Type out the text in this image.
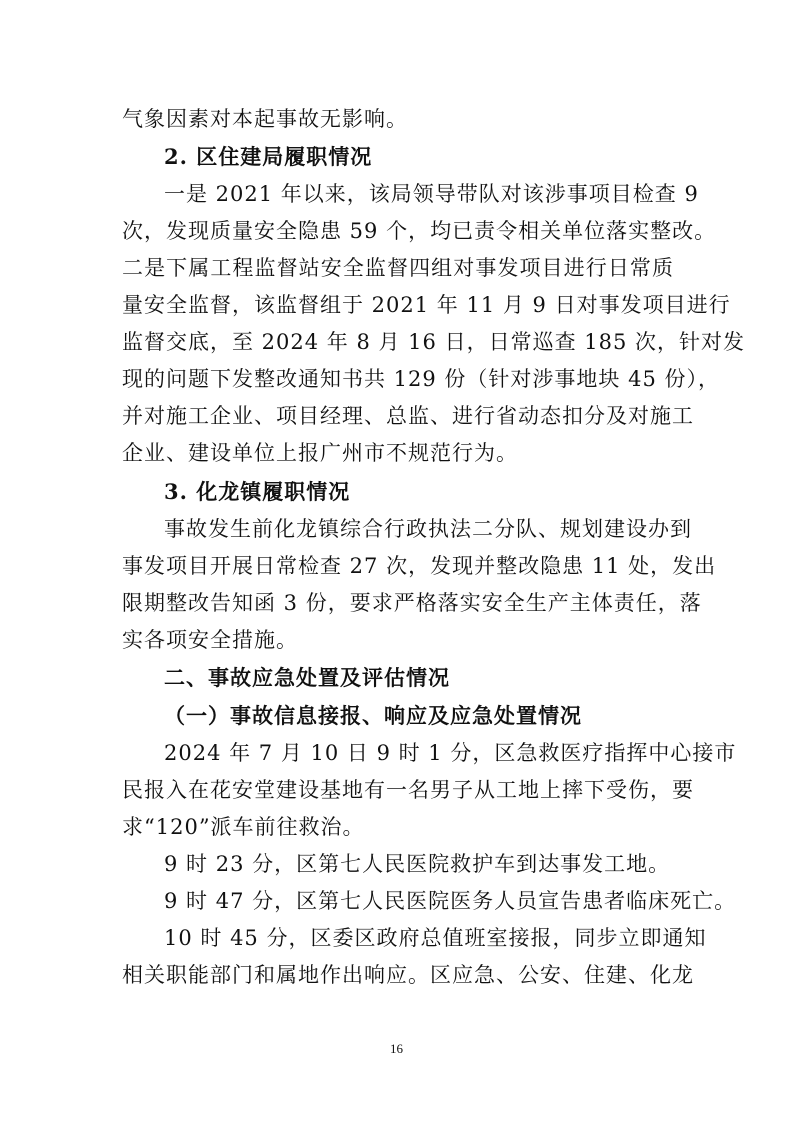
气象因素对本起事故无影响。
2. 区住建局履职情况
一是 2021 年以来，该局领导带队对该涉事项目检查 9
次，发现质量安全隐患 59 个，均已责令相关单位落实整改。
二是下属工程监督站安全监督四组对事发项目进行日常质
量安全监督，该监督组于 2021 年 11 月 9 日对事发项目进行
监督交底，至 2024 年 8 月 16 日，日常巡查 185 次，针对发
现的问题下发整改通知书共 129 份（针对涉事地块 45 份），
并对施工企业、项目经理、总监、进行省动态扣分及对施工
企业、建设单位上报广州市不规范行为。
3. 化龙镇履职情况
事故发生前化龙镇综合行政执法二分队、规划建设办到
事发项目开展日常检查 27 次，发现并整改隐患 11 处，发出
限期整改告知函 3 份，要求严格落实安全生产主体责任，落
实各项安全措施。
二、事故应急处置及评估情况
（一）事故信息接报、响应及应急处置情况
2024 年 7 月 10 日 9 时 1 分，区急救医疗指挥中心接市
民报入在花安堂建设基地有一名男子从工地上摔下受伤，要
求“120”派车前往救治。
9 时 23 分，区第七人民医院救护车到达事发工地。
9 时 47 分，区第七人民医院医务人员宣告患者临床死亡。
10 时 45 分，区委区政府总值班室接报，同步立即通知
相关职能部门和属地作出响应。区应急、公安、住建、化龙
16
